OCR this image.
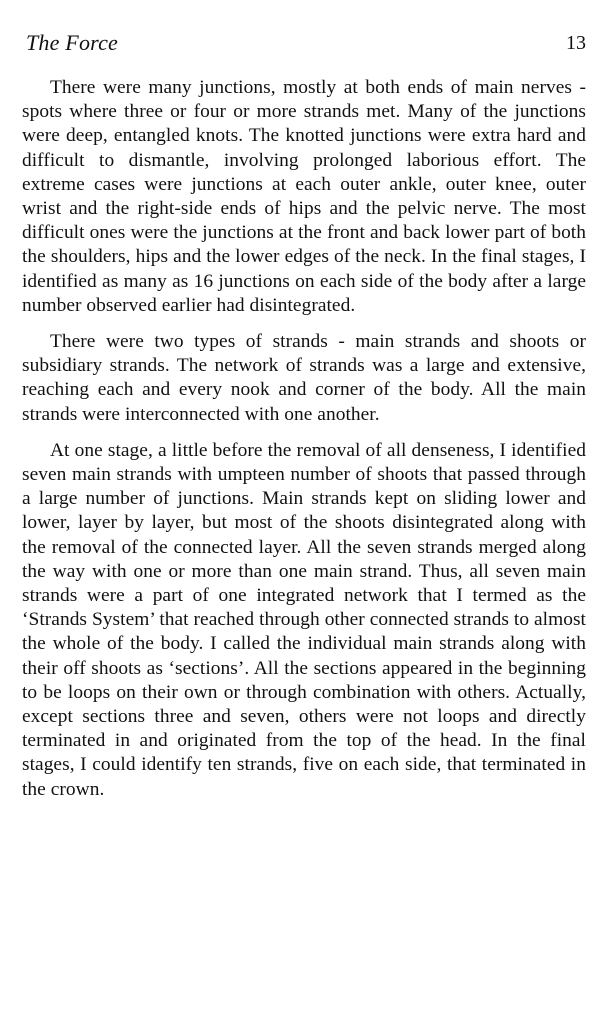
The Force	13

There were many junctions, mostly at both ends of main nerves - spots where three or four or more strands met. Many of the junctions were deep, entangled knots. The knotted junctions were extra hard and difficult to dismantle, involving prolonged laborious effort. The extreme cases were junctions at each outer ankle, outer knee, outer wrist and the right-side ends of hips and the pelvic nerve. The most difficult ones were the junctions at the front and back lower part of both the shoulders, hips and the lower edges of the neck. In the final stages, I identified as many as 16 junctions on each side of the body after a large number observed earlier had disintegrated.

There were two types of strands - main strands and shoots or subsidiary strands. The network of strands was a large and extensive, reaching each and every nook and corner of the body. All the main strands were interconnected with one another.

At one stage, a little before the removal of all denseness, I identified seven main strands with umpteen number of shoots that passed through a large number of junctions. Main strands kept on sliding lower and lower, layer by layer, but most of the shoots disintegrated along with the removal of the connected layer. All the seven strands merged along the way with one or more than one main strand. Thus, all seven main strands were a part of one integrated network that I termed as the ‘Strands System’ that reached through other connected strands to almost the whole of the body. I called the individual main strands along with their off shoots as ‘sections’. All the sections appeared in the beginning to be loops on their own or through combination with others. Actually, except sections three and seven, others were not loops and directly terminated in and originated from the top of the head. In the final stages, I could identify ten strands, five on each side, that terminated in the crown.
